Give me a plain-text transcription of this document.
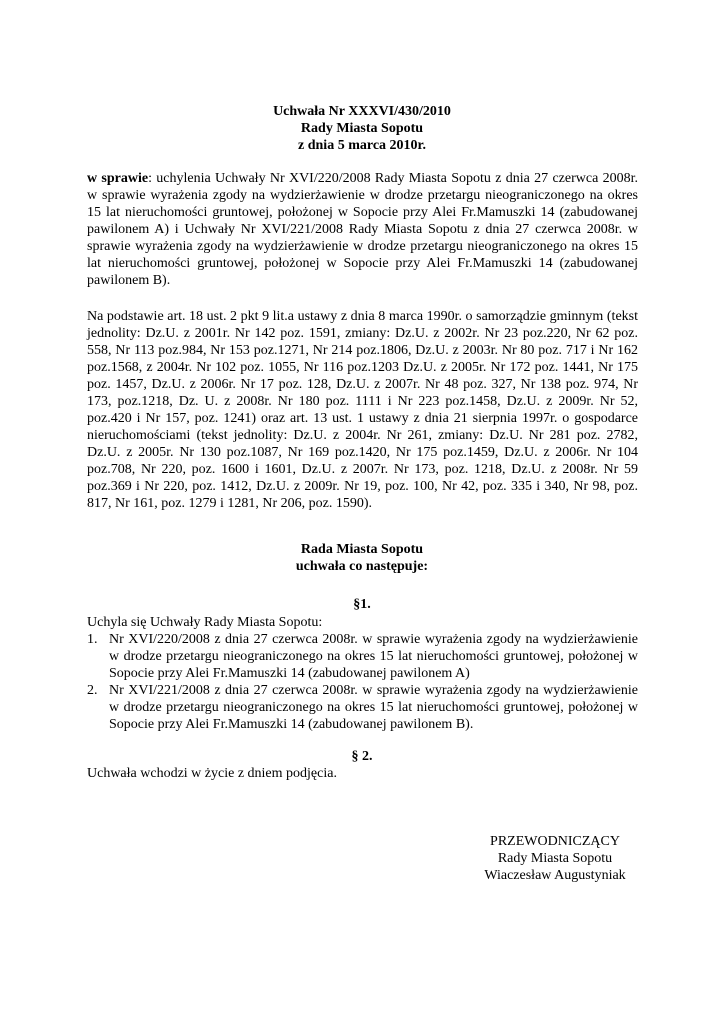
Uchwała Nr XXXVI/430/2010
Rady Miasta Sopotu
z dnia 5 marca 2010r.
w sprawie: uchylenia Uchwały Nr XVI/220/2008 Rady Miasta Sopotu z dnia 27 czerwca 2008r. w sprawie wyrażenia zgody na wydzierżawienie w drodze przetargu nieograniczonego na okres 15 lat nieruchomości gruntowej, położonej w Sopocie przy Alei Fr.Mamuszki 14 (zabudowanej pawilonem A) i Uchwały Nr XVI/221/2008 Rady Miasta Sopotu z dnia 27 czerwca 2008r. w sprawie wyrażenia zgody na wydzierżawienie w drodze przetargu nieograniczonego na okres 15 lat nieruchomości gruntowej, położonej w Sopocie przy Alei Fr.Mamuszki 14 (zabudowanej pawilonem B).
Na podstawie art. 18 ust. 2 pkt 9 lit.a ustawy z dnia 8 marca 1990r. o samorządzie gminnym (tekst jednolity: Dz.U. z 2001r. Nr 142 poz. 1591, zmiany: Dz.U. z 2002r. Nr 23 poz.220, Nr 62 poz. 558, Nr 113 poz.984, Nr 153 poz.1271, Nr 214 poz.1806, Dz.U. z 2003r. Nr 80 poz. 717 i Nr 162 poz.1568, z 2004r. Nr 102 poz. 1055, Nr 116 poz.1203 Dz.U. z 2005r. Nr 172 poz. 1441, Nr 175 poz. 1457, Dz.U. z 2006r. Nr 17 poz. 128, Dz.U. z 2007r. Nr 48 poz. 327, Nr 138 poz. 974, Nr 173, poz.1218, Dz. U. z 2008r. Nr 180 poz. 1111 i Nr 223 poz.1458, Dz.U. z 2009r. Nr 52, poz.420 i Nr 157, poz. 1241) oraz art. 13 ust. 1 ustawy z dnia 21 sierpnia 1997r. o gospodarce nieruchomościami (tekst jednolity: Dz.U. z 2004r. Nr 261, zmiany: Dz.U. Nr 281 poz. 2782, Dz.U. z 2005r. Nr 130 poz.1087, Nr 169 poz.1420, Nr 175 poz.1459, Dz.U. z 2006r. Nr 104 poz.708, Nr 220, poz. 1600 i 1601, Dz.U. z 2007r. Nr 173, poz. 1218, Dz.U. z 2008r. Nr 59 poz.369 i Nr 220, poz. 1412, Dz.U. z 2009r. Nr 19, poz. 100, Nr 42, poz. 335 i 340, Nr 98, poz. 817, Nr 161, poz. 1279 i 1281, Nr 206, poz. 1590).
Rada Miasta Sopotu
uchwała co następuje:
§1.
Uchyla się Uchwały Rady Miasta Sopotu:
1. Nr XVI/220/2008 z dnia 27 czerwca 2008r. w sprawie wyrażenia zgody na wydzierżawienie w drodze przetargu nieograniczonego na okres 15 lat nieruchomości gruntowej, położonej w Sopocie przy Alei Fr.Mamuszki 14 (zabudowanej pawilonem A)
2. Nr XVI/221/2008 z dnia 27 czerwca 2008r. w sprawie wyrażenia zgody na wydzierżawienie w drodze przetargu nieograniczonego na okres 15 lat nieruchomości gruntowej, położonej w Sopocie przy Alei Fr.Mamuszki 14 (zabudowanej pawilonem B).
§ 2.
Uchwała wchodzi w życie z dniem podjęcia.
PRZEWODNICZĄCY
Rady Miasta Sopotu
Wiaczesław Augustyniak
